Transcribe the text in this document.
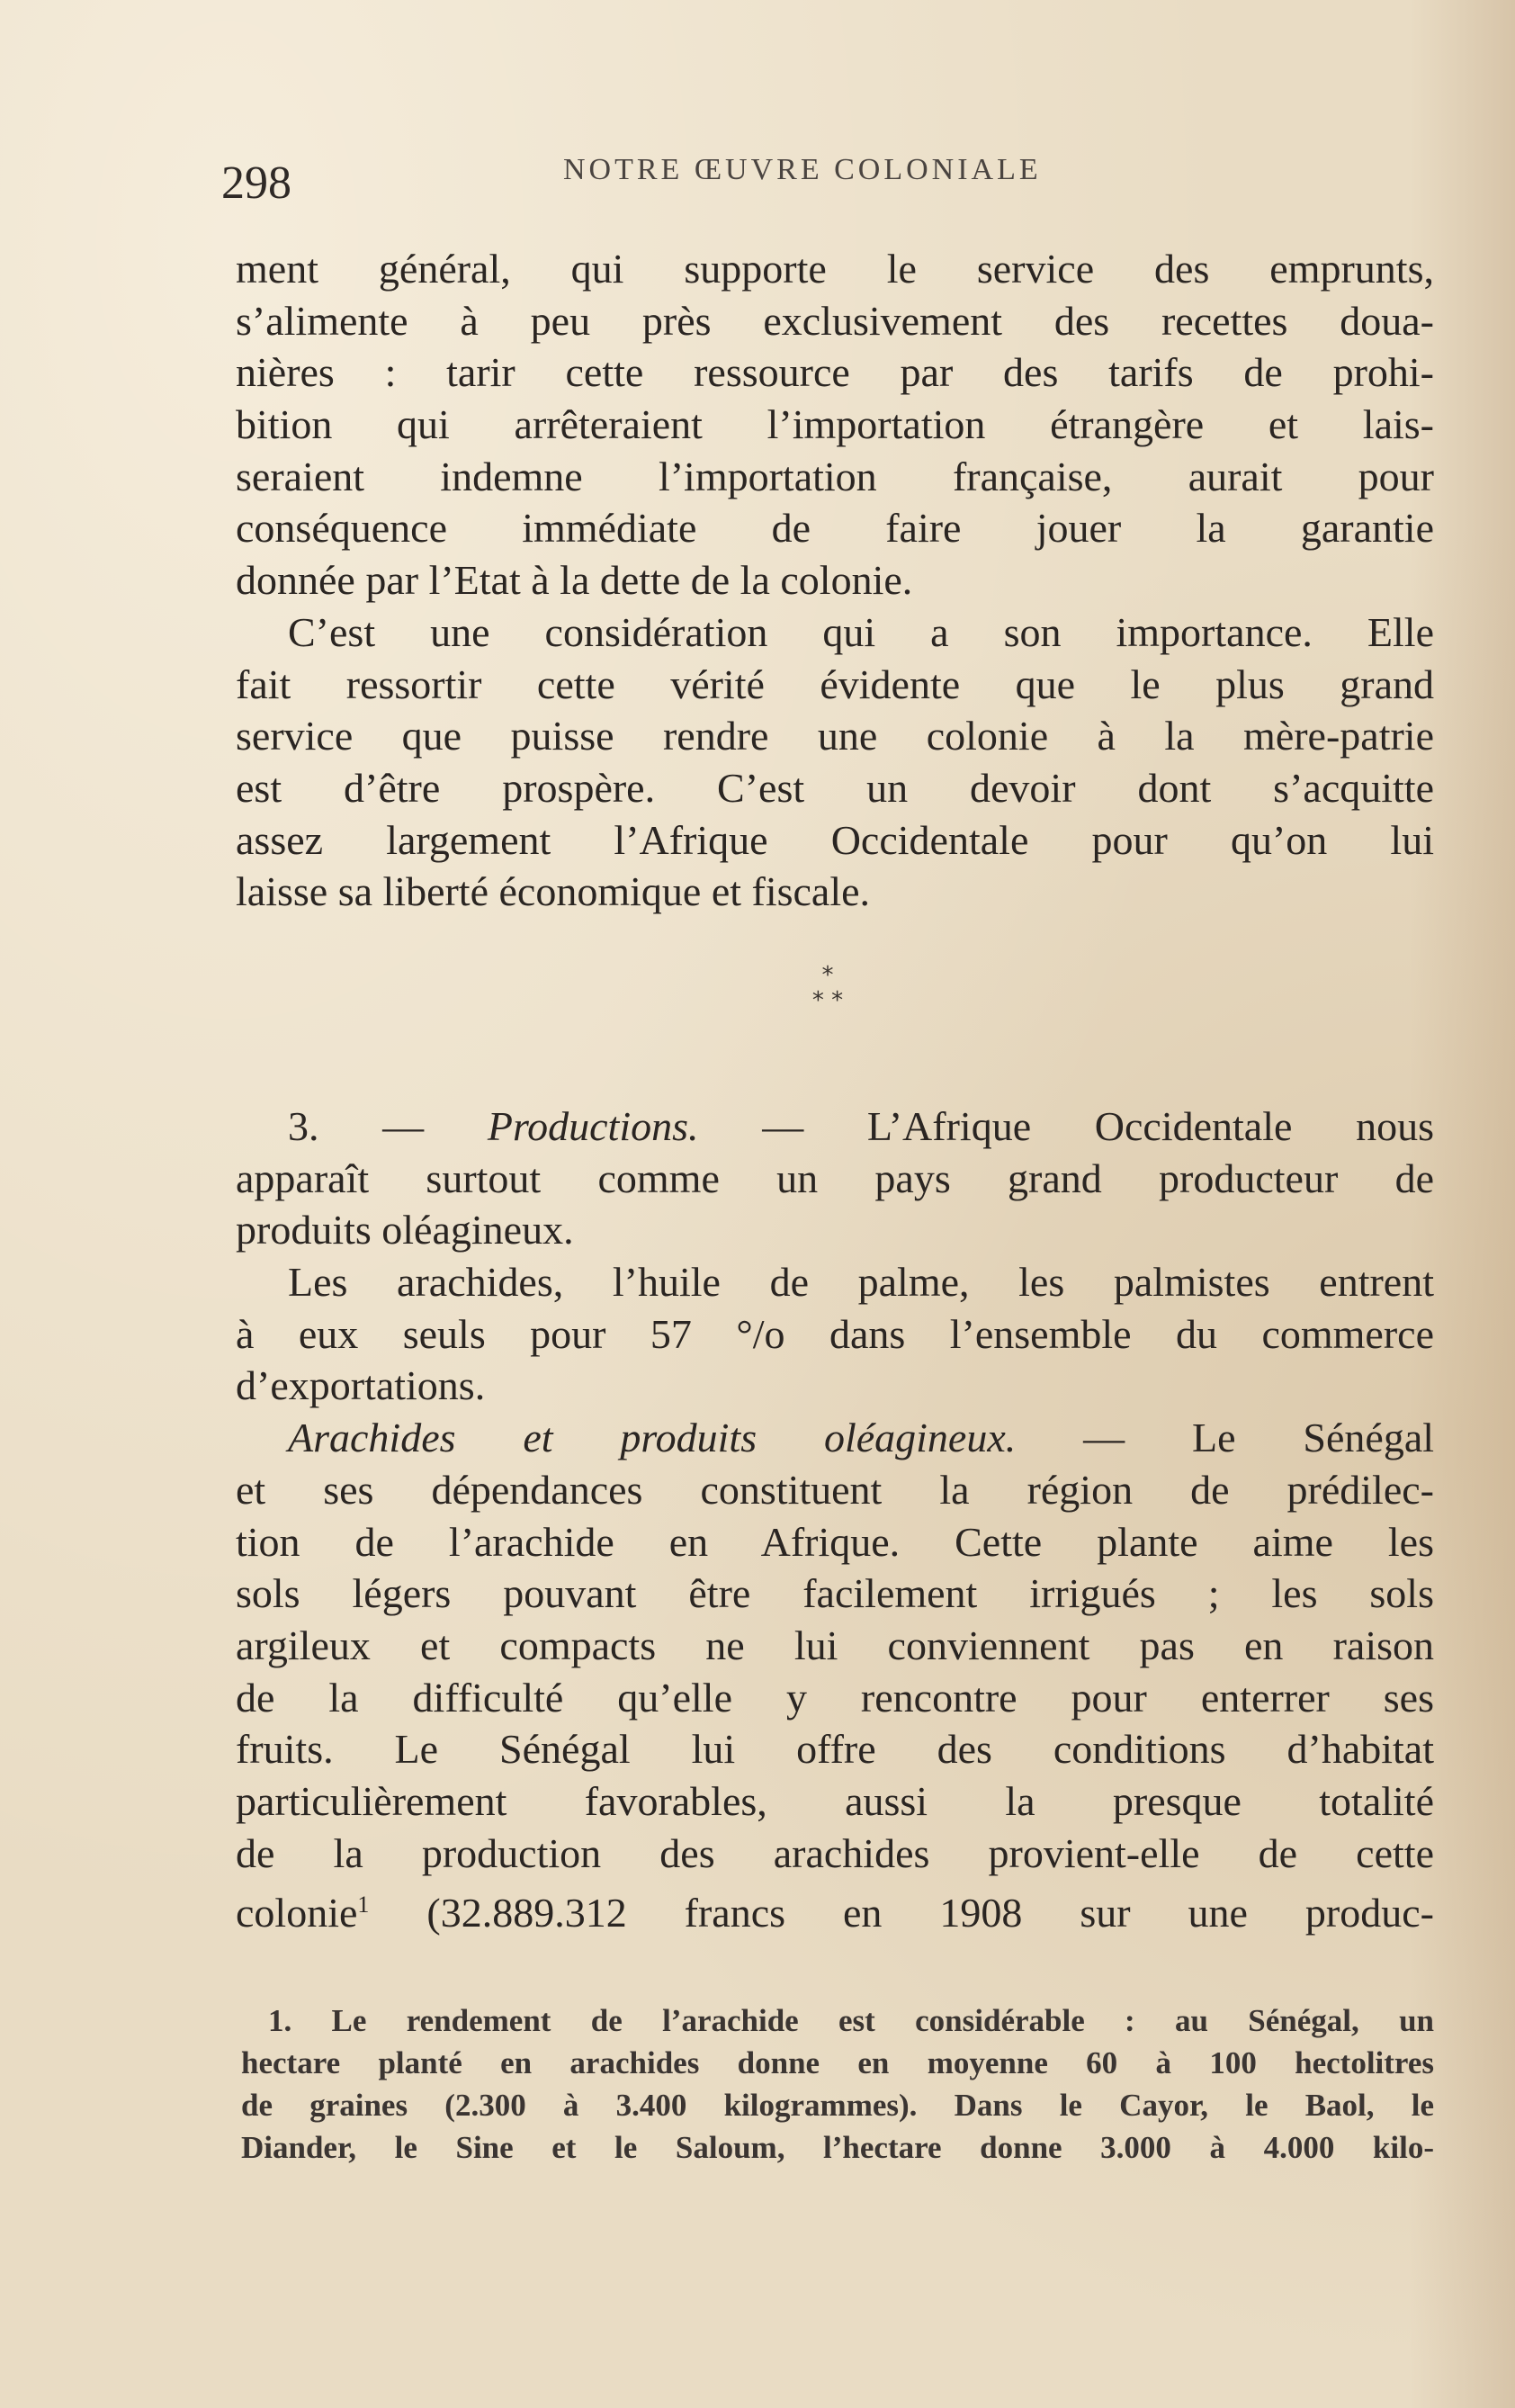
298	NOTRE ŒUVRE COLONIALE
ment général, qui supporte le service des emprunts,
s’alimente à peu près exclusivement des recettes doua-
nières : tarir cette ressource par des tarifs de prohi-
bition qui arrêteraient l’importation étrangère et lais-
seraient indemne l’importation française, aurait pour
conséquence immédiate de faire jouer la garantie
donnée par l’Etat à la dette de la colonie.
C’est une considération qui a son importance. Elle
fait ressortir cette vérité évidente que le plus grand
service que puisse rendre une colonie à la mère-patrie
est d’être prospère. C’est un devoir dont s’acquitte
assez largement l’Afrique Occidentale pour qu’on lui
laisse sa liberté économique et fiscale.
*
* *
3. — Productions. — L’Afrique Occidentale nous
apparaît surtout comme un pays grand producteur de
produits oléagineux.
Les arachides, l’huile de palme, les palmistes entrent
à eux seuls pour 57 °/o dans l’ensemble du commerce
d’exportations.
Arachides et produits oléagineux. — Le Sénégal
et ses dépendances constituent la région de prédilec-
tion de l’arachide en Afrique. Cette plante aime les
sols légers pouvant être facilement irrigués ; les sols
argileux et compacts ne lui conviennent pas en raison
de la difficulté qu’elle y rencontre pour enterrer ses
fruits. Le Sénégal lui offre des conditions d’habitat
particulièrement favorables, aussi la presque totalité
de la production des arachides provient-elle de cette
colonie$^1$ (32.889.312 francs en 1908 sur une produc-
1. Le rendement de l’arachide est considérable : au Sénégal, un
hectare planté en arachides donne en moyenne 60 à 100 hectolitres
de graines (2.300 à 3.400 kilogrammes). Dans le Cayor, le Baol, le
Diander, le Sine et le Saloum, l’hectare donne 3.000 à 4.000 kilo-
